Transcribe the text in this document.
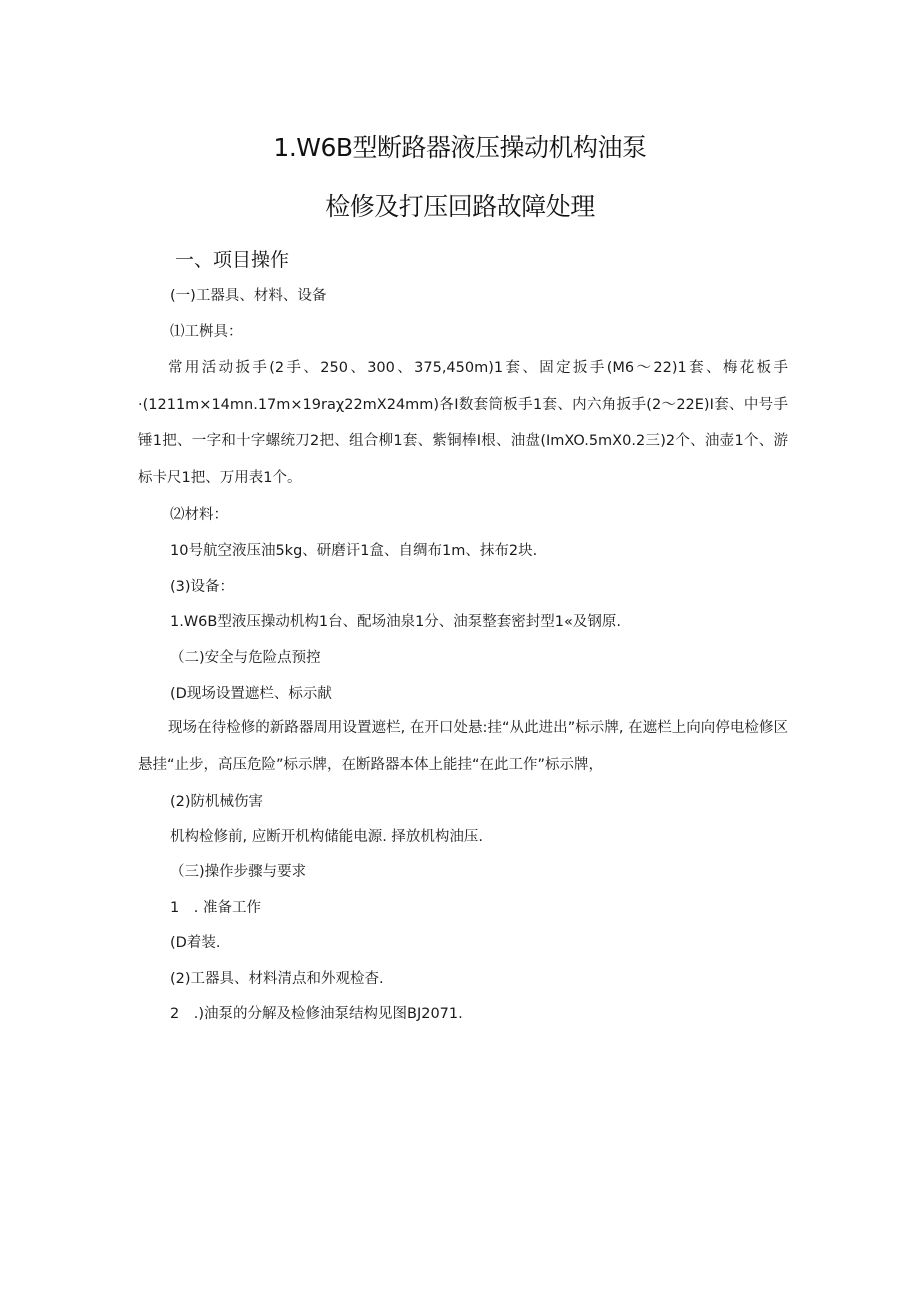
1.W6B型断路器液压操动机构油泵
检修及打压回路故障处理
一、项目操作
(一)工器具、材料、设备
⑴工桝具：
常用活动扳手(2手、250、300、375,450m)1套、固定扳手(M6〜22)1套、梅花板手·(1211m×14mn.17m×19raχ22mX24mm)各I数套筒板手1套、内六角扳手(2〜22E)I套、中号手锤1把、一字和十字螺统刀2把、组合柳1套、紫铜棒I根、油盘(ImXO.5mX0.2三)2个、油壶1个、游标卡尺1把、万用表1个。
⑵材料：
10号航空液压油5kg、研磨讦1盒、自绸布1m、抹布2块.
(3)设备：
1.W6B型液压操动机构1台、配场油泉1分、油泵整套密封型1«及钢原.
（二)安全与危险点预控
(D现场设置遮栏、标示献
现场在待检修的新路器周用设置遮栏, 在开口处悬:挂“从此进出”标示牌, 在遮栏上向向停电检修区悬挂“止步，高压危险”标示牌，在断路器本体上能挂“在此工作”标示牌，
(2)防机械伤害
机构检修前, 应断开机构储能电源. 择放机构油压.
（三)操作步骤与要求
1　. 准备工作
(D着装.
(2)工器具、材料清点和外观检杳.
2　.)油泵的分解及检修油泵结构见图BJ2071.
